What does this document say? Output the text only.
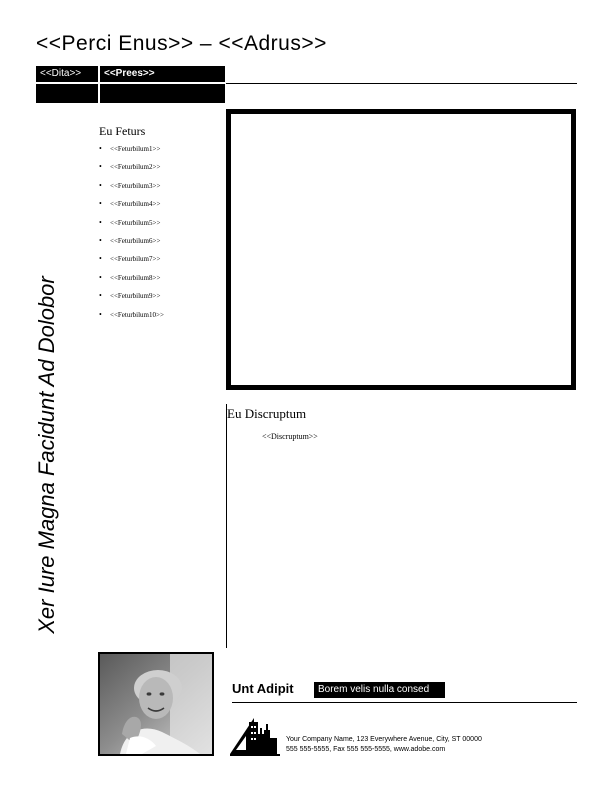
<<Perci Enus>> – <<Adrus>>
<<Dita>>	<<Prees>>
Xer Iure Magna Facidunt Ad Dolobor
Eu Feturs
• <<Feturbilum1>>
• <<Feturbilum2>>
• <<Feturbilum3>>
• <<Feturbilum4>>
• <<Feturbilum5>>
• <<Feturbilum6>>
• <<Feturbilum7>>
• <<Feturbilum8>>
• <<Feturbilum9>>
• <<Feturbilum10>>
Eu Discruptum
<<Discruptum>>
Unt Adipit	Borem velis nulla consed
Your Company Name, 123 Everywhere Avenue, City, ST 00000
555 555-5555, Fax 555 555-5555, www.adobe.com
